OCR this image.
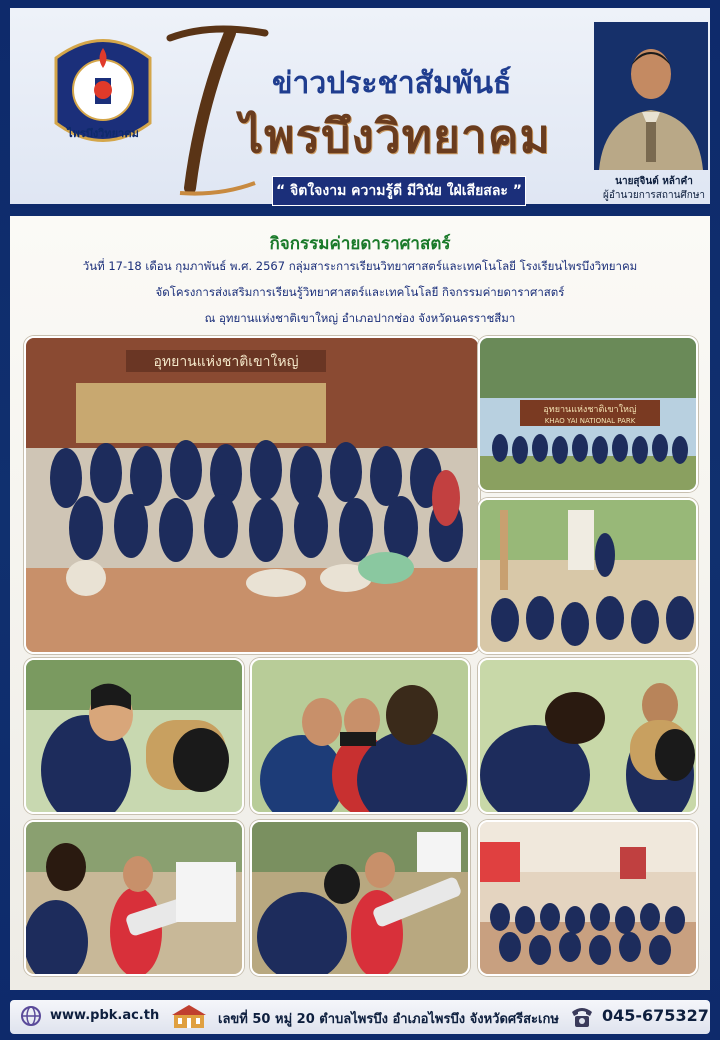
ไพรบึงวิทยาคม
ข่าวประชาสัมพันธ์
ไพรบึงวิทยาคม
“ จิตใจงาม ความรู้ดี มีวินัย ใฝ่เสียสละ ”
นายสุจินต์ หล้าคำ
ผู้อำนวยการสถานศึกษา
กิจกรรมค่ายดาราศาสตร์
วันที่ 17-18 เดือน กุมภาพันธ์ พ.ศ. 2567 กลุ่มสาระการเรียนวิทยาศาสตร์และเทคโนโลยี โรงเรียนไพรบึงวิทยาคม
จัดโครงการส่งเสริมการเรียนรู้วิทยาศาสตร์และเทคโนโลยี กิจกรรมค่ายดาราศาสตร์
ณ อุทยานแห่งชาติเขาใหญ่ อำเภอปากช่อง จังหวัดนครราชสีมา
อุทยานแห่งชาติเขาใหญ่
อุทยานแห่งชาติเขาใหญ่
KHAO YAI NATIONAL PARK
www.pbk.ac.th	เลขที่ 50 หมู่ 20 ตำบลไพรบึง อำเภอไพรบึง จังหวัดศรีสะเกษ	045-675327
